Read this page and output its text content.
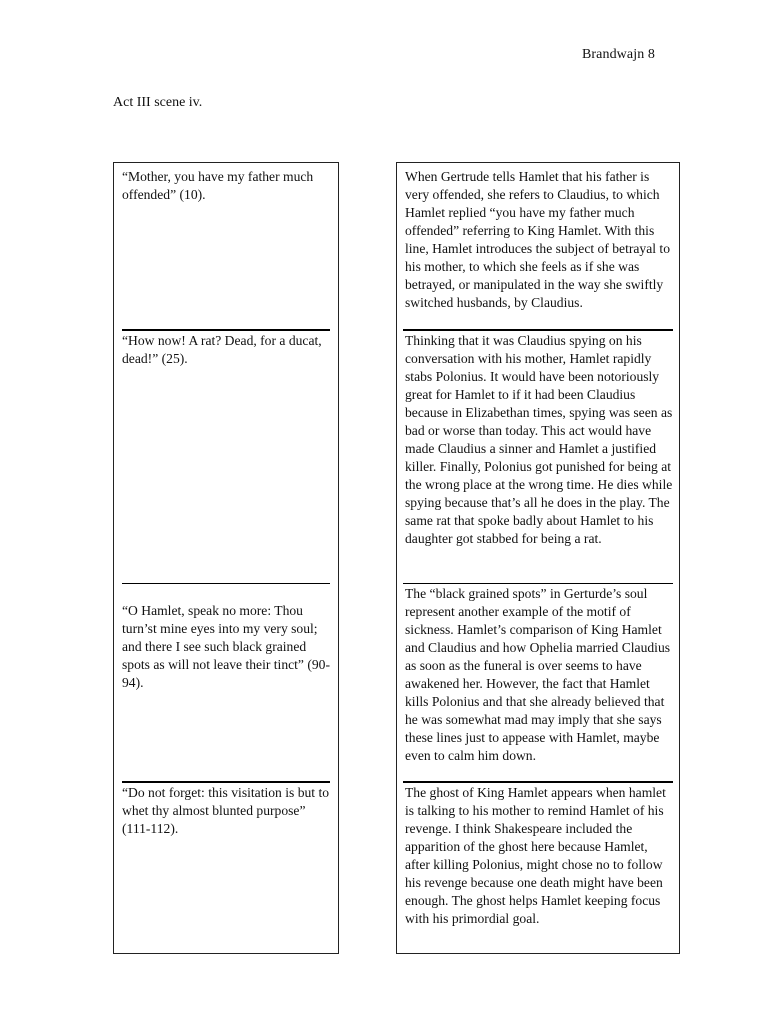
Brandwajn 8
Act III scene iv.
“Mother, you have my father much offended” (10).
“How now! A rat? Dead, for a ducat, dead!” (25).
“O Hamlet, speak no more: Thou turn’st mine eyes into my very soul; and there I see such black grained spots as will not leave their tinct” (90-94).
“Do not forget: this visitation is but to whet thy almost blunted purpose” (111-112).
When Gertrude tells Hamlet that his father is very offended, she refers to Claudius, to which Hamlet replied “you have my father much offended” referring to King Hamlet. With this line, Hamlet introduces the subject of betrayal to his mother, to which she feels as if she was betrayed, or manipulated in the way she swiftly switched husbands, by Claudius.
Thinking that it was Claudius spying on his conversation with his mother, Hamlet rapidly stabs Polonius. It would have been notoriously great for Hamlet to if it had been Claudius because in Elizabethan times, spying was seen as bad or worse than today. This act would have made Claudius a sinner and Hamlet a justified killer. Finally, Polonius got punished for being at the wrong place at the wrong time. He dies while spying because that’s all he does in the play. The same rat that spoke badly about Hamlet to his daughter got stabbed for being a rat.
The “black grained spots” in Gerturde’s soul represent another example of the motif of sickness. Hamlet’s comparison of King Hamlet and Claudius and how Ophelia married Claudius as soon as the funeral is over seems to have awakened her. However, the fact that Hamlet kills Polonius and that she already believed that he was somewhat mad may imply that she says these lines just to appease with Hamlet, maybe even to calm him down.
The ghost of King Hamlet appears when hamlet is talking to his mother to remind Hamlet of his revenge. I think Shakespeare included the apparition of the ghost here because Hamlet, after killing Polonius, might chose no to follow his revenge because one death might have been enough. The ghost helps Hamlet keeping focus with his primordial goal.
